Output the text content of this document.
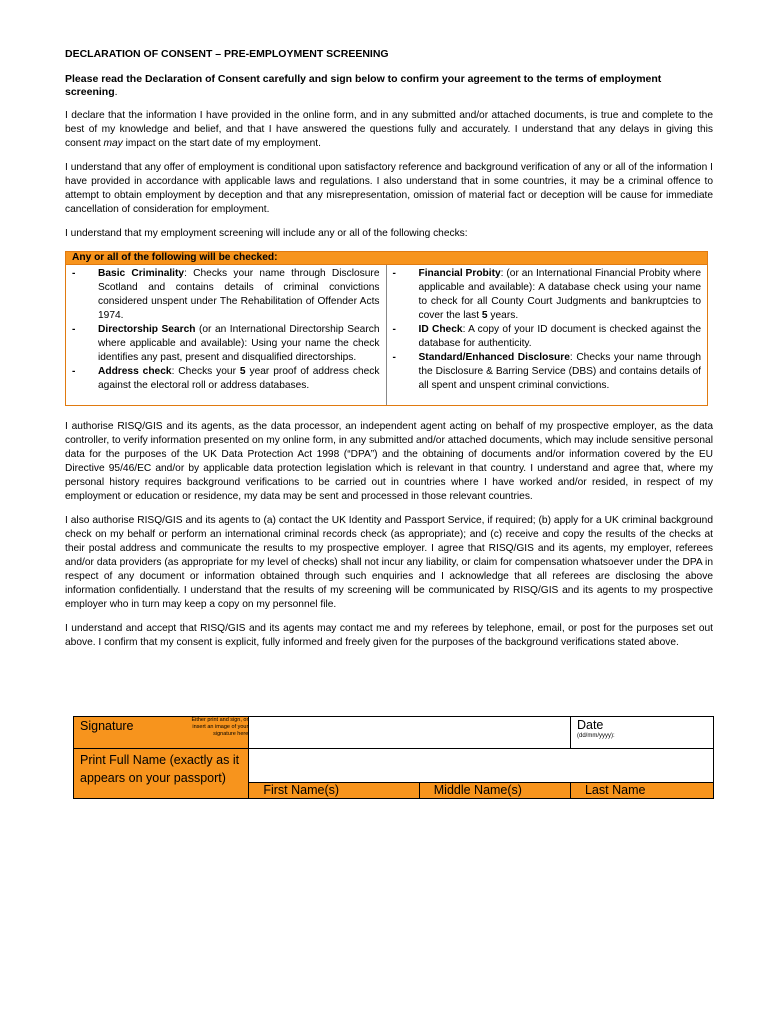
DECLARATION OF CONSENT – PRE-EMPLOYMENT SCREENING
Please read the Declaration of Consent carefully and sign below to confirm your agreement to the terms of employment screening.

I declare that the information I have provided in the online form, and in any submitted and/or attached documents, is true and complete to the best of my knowledge and belief, and that I have answered the questions fully and accurately. I understand that any delays in giving this consent may impact on the start date of my employment.

I understand that any offer of employment is conditional upon satisfactory reference and background verification of any or all of the information I have provided in accordance with applicable laws and regulations. I also understand that in some countries, it may be a criminal offence to attempt to obtain employment by deception and that any misrepresentation, omission of material fact or deception will be cause for immediate cancellation of consideration for employment.

I understand that my employment screening will include any or all of the following checks:

Any or all of the following will be checked:
-	Basic Criminality: Checks your name through Disclosure Scotland and contains details of criminal convictions considered unspent under The Rehabilitation of Offender Acts 1974.
-	Directorship Search (or an International Directorship Search where applicable and available): Using your name the check identifies any past, present and disqualified directorships.
-	Address check: Checks your 5 year proof of address check against the electoral roll or address databases.
-	Financial Probity: (or an International Financial Probity where applicable and available): A database check using your name to check for all County Court Judgments and bankruptcies to cover the last 5 years.
-	ID Check: A copy of your ID document is checked against the database for authenticity.
-	Standard/Enhanced Disclosure: Checks your name through the Disclosure & Barring Service (DBS) and contains details of all spent and unspent criminal convictions.

I authorise RISQ/GIS and its agents, as the data processor, an independent agent acting on behalf of my prospective employer, as the data controller, to verify information presented on my online form, in any submitted and/or attached documents, which may include sensitive personal data for the purposes of the UK Data Protection Act 1998 (“DPA”) and the obtaining of documents and/or information covered by the EU Directive 95/46/EC and/or by applicable data protection legislation which is relevant in that country. I understand and agree that, where my personal history requires background verifications to be carried out in countries where I have worked and/or resided, in respect of my employment or education or residence, my data may be sent and processed in those relevant countries.

I also authorise RISQ/GIS and its agents to (a) contact the UK Identity and Passport Service, if required; (b) apply for a UK criminal background check on my behalf or perform an international criminal records check (as appropriate); and (c) receive and copy the results of the checks at their postal address and communicate the results to my prospective employer. I agree that RISQ/GIS and its agents, my employer, referees and/or data providers (as appropriate for my level of checks) shall not incur any liability, or claim for compensation whatsoever under the DPA in respect of any document or information obtained through such enquiries and I acknowledge that all referees are disclosing the above information confidentially. I understand that the results of my screening will be communicated by RISQ/GIS and its agents to my prospective employer who in turn may keep a copy on my personnel file.

I understand and accept that RISQ/GIS and its agents may contact me and my referees by telephone, email, or post for the purposes set out above. I confirm that my consent is explicit, fully informed and freely given for the purposes of the background verifications stated above.

Signature	Either print and sign, or insert an image of your signature here			Date
(dd/mm/yyyy):

Print Full Name (exactly as it appears on your passport)				
		First Name(s)	Middle Name(s)	Last Name
